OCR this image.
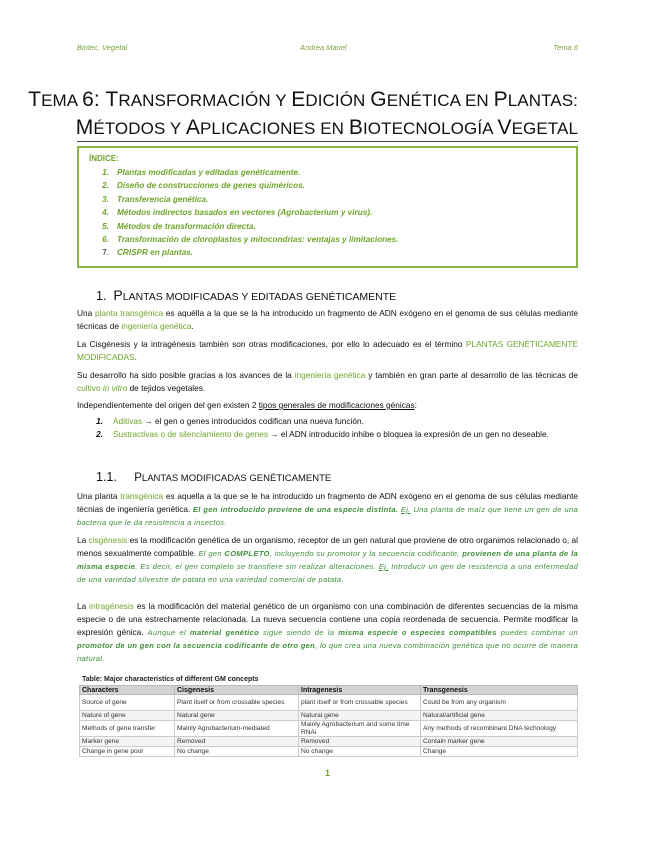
Biotec. Vegetal	Andrea Mariel	Tema 6
TEMA 6: TRANSFORMACIÓN Y EDICIÓN GENÉTICA EN PLANTAS:
MÉTODOS Y APLICACIONES EN BIOTECNOLOGÍA VEGETAL
ÍNDICE:
1. Plantas modificadas y editadas genéticamente.
2. Diseño de construcciones de genes quiméricos.
3. Transferencia genética.
4. Métodos indirectos basados en vectores (Agrobacterium y virus).
5. Métodos de transformación directa.
6. Transformación de cloroplastos y mitocondrias: ventajas y limitaciones.
7. CRISPR en plantas.
1. PLANTAS MODIFICADAS Y EDITADAS GENÉTICAMENTE
Una planta transgénica es aquélla a la que se la ha introducido un fragmento de ADN exógeno en el genoma de sus células mediante técnicas de ingeniería genética.
La Cisgénesis y la intragénesis también son otras modificaciones, por ello lo adecuado es el término PLANTAS GENÉTICAMENTE MODIFICADAS.
Su desarrollo ha sido posible gracias a los avances de la ingeniería genética y también en gran parte al desarrollo de las técnicas de cultivo in vitro de tejidos vegetales.
Independientemente del origen del gen existen 2 tipos generales de modificaciones génicas:
1.	Aditivas → el gen o genes introducidos codifican una nueva función.
2.	Sustractivas o de silenciamiento de genes → el ADN introducido inhibe o bloquea la expresión de un gen no deseable.
1.1. PLANTAS MODIFICADAS GENÉTICAMENTE
Una planta transgénica es aquella a la que se le ha introducido un fragmento de ADN exógeno en el genoma de sus células mediante técnias de ingeniería genética. El gen introducido proviene de una especie distinta. Ej. Una planta de maíz que tiene un gen de una bacteria que le da resistencia a insectos.
La cisgénesis es la modificación genética de un organismo, receptor de un gen natural que proviene de otro organimos relacionado o, al menos sexualmente compatible. El gen COMPLETO, incluyendo su promotor y la secuencia codificante, provienen de una planta de la misma especie. Es decir, el gen completo se transfiere sin realizar alteraciones. Ej. Introducir un gen de resistencia a una enfermedad de una variedad silvestre de patata en una variedad comercial de patata.
La intragénesis es la modificación del material genético de un organismo con una combinación de diferentes secuencias de la misma especie o de una estrechamente relacionada. La nueva secuencia contiene una copia reordenada de secuencia. Permite modificar la expresión génica. Aunque el material genético sigue siendo de la misma especie o especies compatibles puedes combinar un promotor de un gen con la secuencia codificante de otro gen, lo que crea una nueva combinación genética que no ocurre de manera natural.
Table: Major characteristics of different GM concepts
Characters	Cisgenesis	Intragenesis	Transgenesis
Source of gene	Plant itself or from crossable species	plant itself or from crossable species	Could be from any organism
Nature of gene	Natural gene	Natural gene	Natural/artificial gene
Methods of gene transfer	Mainly Agrobacterium-mediated	Mainly Agrobacterium and some time RNAi	Any methods of recombinant DNA technology
Marker gene	Removed	Removed	Contain marker gene
Change in gene pool	No change	No change	Change
1
